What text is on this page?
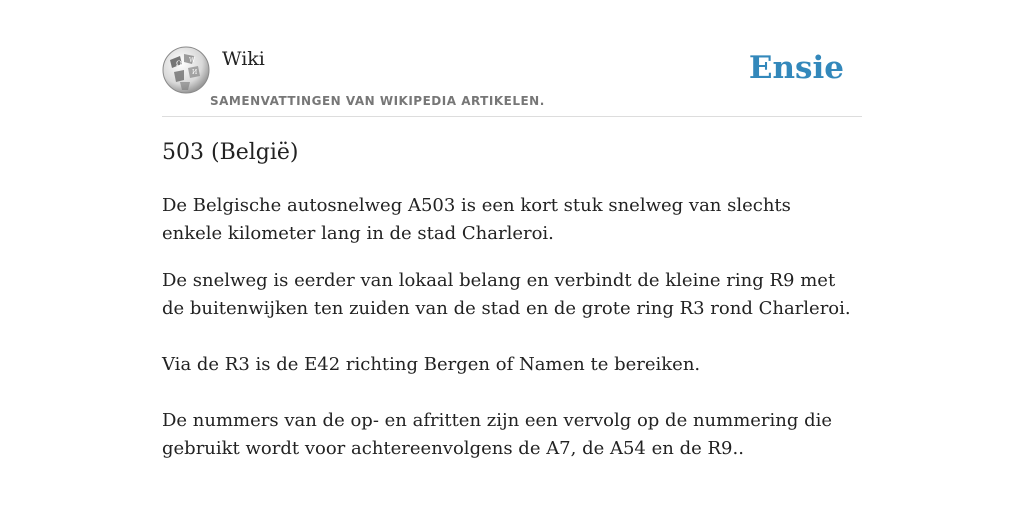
Ω W
И
Wiki
SAMENVATTINGEN VAN WIKIPEDIA ARTIKELEN.
Ensie
503 (België)

De Belgische autosnelweg A503 is een kort stuk snelweg van slechts enkele kilometer lang in de stad Charleroi.

De snelweg is eerder van lokaal belang en verbindt de kleine ring R9 met de buitenwijken ten zuiden van de stad en de grote ring R3 rond Charleroi.

Via de R3 is de E42 richting Bergen of Namen te bereiken.

De nummers van de op- en afritten zijn een vervolg op de nummering die gebruikt wordt voor achtereenvolgens de A7, de A54 en de R9..
